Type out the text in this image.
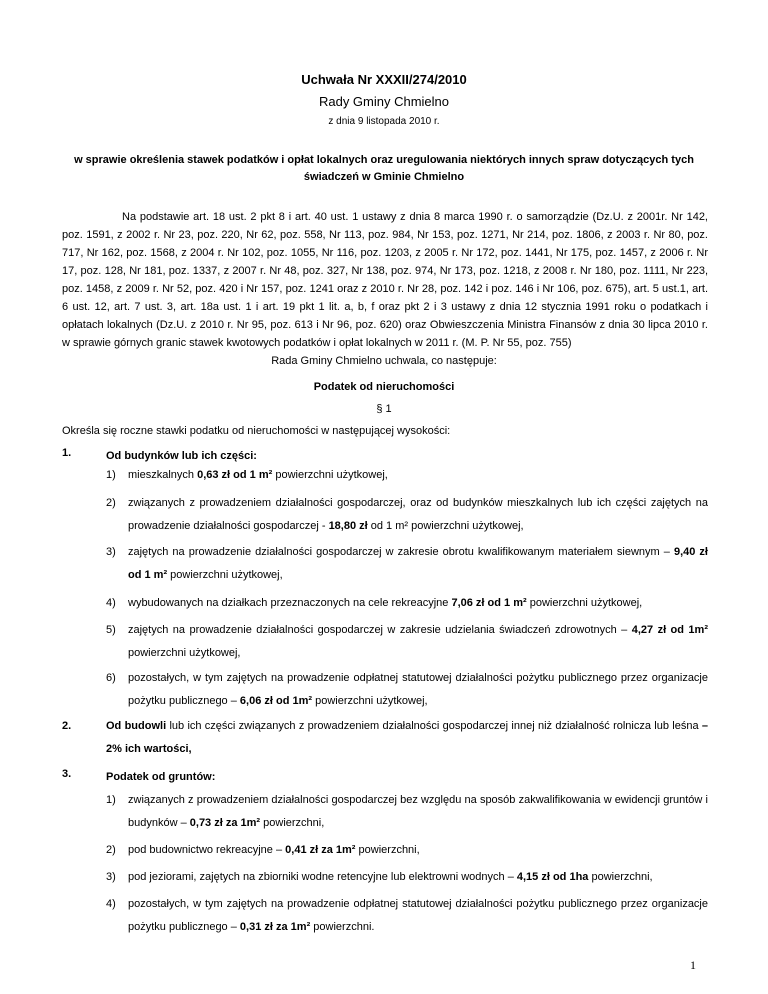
Uchwała Nr XXXII/274/2010
Rady Gminy Chmielno
z dnia 9 listopada 2010 r.
w sprawie określenia stawek podatków i opłat lokalnych oraz uregulowania niektórych innych spraw dotyczących tych świadczeń w Gminie Chmielno
Na podstawie art. 18 ust. 2 pkt 8 i art. 40 ust. 1 ustawy z dnia 8 marca 1990 r. o samorządzie (Dz.U. z 2001r. Nr 142, poz. 1591, z 2002 r. Nr 23, poz. 220, Nr 62, poz. 558, Nr 113, poz. 984, Nr 153, poz. 1271, Nr 214, poz. 1806, z 2003 r. Nr 80, poz. 717, Nr 162, poz. 1568, z 2004 r. Nr 102, poz. 1055, Nr 116, poz. 1203, z 2005 r. Nr 172, poz. 1441, Nr 175, poz. 1457, z 2006 r. Nr 17, poz. 128, Nr 181, poz. 1337, z 2007 r. Nr 48, poz. 327, Nr 138, poz. 974, Nr 173, poz. 1218, z 2008 r. Nr 180, poz. 1111, Nr 223, poz. 1458, z 2009 r. Nr 52, poz. 420 i Nr 157, poz. 1241 oraz z 2010 r. Nr 28, poz. 142 i poz. 146 i Nr 106, poz. 675), art. 5 ust.1, art. 6 ust. 12, art. 7 ust. 3, art. 18a ust. 1 i art. 19 pkt 1 lit. a, b, f oraz pkt 2 i 3 ustawy z dnia 12 stycznia 1991 roku o podatkach i opłatach lokalnych (Dz.U. z 2010 r. Nr 95, poz. 613 i Nr 96, poz. 620) oraz Obwieszczenia Ministra Finansów z dnia 30 lipca 2010 r. w sprawie górnych granic stawek kwotowych podatków i opłat lokalnych w 2011 r. (M. P. Nr 55, poz. 755)
Rada Gminy Chmielno uchwala, co następuje:
Podatek od nieruchomości
§ 1
Określa się roczne stawki podatku od nieruchomości w następującej wysokości:
1.	Od budynków lub ich części:
1) mieszkalnych 0,63 zł od 1 m² powierzchni użytkowej,
2) związanych z prowadzeniem działalności gospodarczej, oraz od budynków mieszkalnych lub ich części zajętych na prowadzenie działalności gospodarczej - 18,80 zł od 1 m² powierzchni użytkowej,
3) zajętych na prowadzenie działalności gospodarczej w zakresie obrotu kwalifikowanym materiałem siewnym – 9,40 zł od 1 m² powierzchni użytkowej,
4) wybudowanych na działkach przeznaczonych na cele rekreacyjne 7,06 zł od 1 m² powierzchni użytkowej,
5) zajętych na prowadzenie działalności gospodarczej w zakresie udzielania świadczeń zdrowotnych – 4,27 zł od 1m² powierzchni użytkowej,
6) pozostałych, w tym zajętych na prowadzenie odpłatnej statutowej działalności pożytku publicznego przez organizacje pożytku publicznego – 6,06 zł od 1m² powierzchni użytkowej,
2.	Od budowli lub ich części związanych z prowadzeniem działalności gospodarczej innej niż działalność rolnicza lub leśna – 2% ich wartości,
3.	Podatek od gruntów:
1) związanych z prowadzeniem działalności gospodarczej bez względu na sposób zakwalifikowania w ewidencji gruntów i budynków – 0,73 zł za 1m² powierzchni,
2) pod budownictwo rekreacyjne – 0,41 zł za 1m² powierzchni,
3) pod jeziorami, zajętych na zbiorniki wodne retencyjne lub elektrowni wodnych – 4,15 zł od 1ha powierzchni,
4) pozostałych, w tym zajętych na prowadzenie odpłatnej statutowej działalności pożytku publicznego przez organizacje pożytku publicznego – 0,31 zł za 1m² powierzchni.
1
